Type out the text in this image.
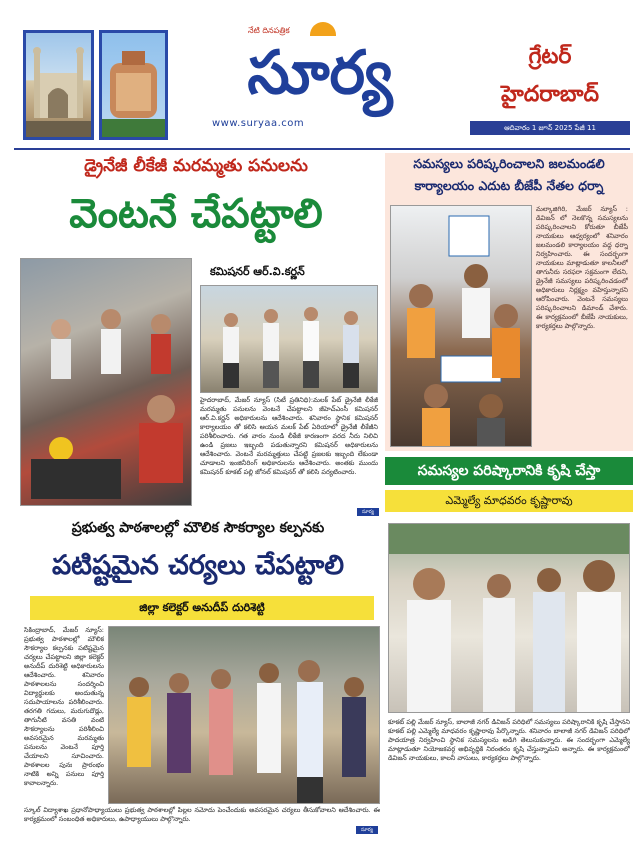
నేటి దినపత్రిక
సూర్య
www.suryaa.com
గ్రేటర్
హైదరాబాద్
ఆదివారం 1 జూన్ 2025 పేజీ 11
డ్రైనేజీ లీకేజీ మరమ్మతు పనులను
వెంటనే చేపట్టాలి
కమిషనర్ ఆర్.వి.కర్ణన్
హైదరాబాద్, మేజర్ న్యూస్ (సిటీ ప్రతినిధి):మలక్ పేట్ డ్రైనేజీ లీకేజీ మరమ్మతు పనులను వెంటనే చేపట్టాలని జీహెచ్ఎంసీ కమిషనర్ ఆర్.వి.కర్ణన్ అధికారులను ఆదేశించారు. శనివారం స్థానిక కమిషనర్ కార్యాలయం తో కలిసి ఆయన మలక్ పేట్ ఏరియాలో డ్రైనేజీ లీకేజీని పరిశీలించారు. గత వారం నుండి లీకేజీ కారణంగా వరద నీరు నిలిచి ఉండి ప్రజలు ఇబ్బంది పడుతున్నారని కమిషనర్ అధికారులను ఆదేశించారు. వెంటనే మరమ్మత్తులు చేపట్టి ప్రజలకు ఇబ్బంది లేకుండా చూడాలని ఇంజినీరింగ్ అధికారులను ఆదేశించారు. అంతకు ముందు కమిషనర్ కూకట్ పల్లి జోనల్ కమిషనర్ తో కలిసి పర్యటించారు.
సూర్య
సమస్యలు పరిష్కరించాలని జలమండలి
కార్యాలయం ఎదుట బీజేపీ నేతల ధర్నా
మల్కాజిగిరి, మేజర్ న్యూస్ : డివిజన్ లో నెలకొన్న సమస్యలను పరిష్కరించాలని కోరుతూ బీజేపీ నాయకులు ఆధ్వర్యంలో శనివారం జలమండలి కార్యాలయం వద్ద ధర్నా నిర్వహించారు. ఈ సందర్భంగా నాయకులు మాట్లాడుతూ కాలనీలలో తాగునీరు సరఫరా సక్రమంగా లేదని, డ్రైనేజీ సమస్యలు పరిష్కరించడంలో అధికారులు నిర్లక్ష్యం వహిస్తున్నారని ఆరోపించారు. వెంటనే సమస్యలు పరిష్కరించాలని డిమాండ్ చేశారు. ఈ కార్యక్రమంలో బీజేపీ నాయకులు, కార్యకర్తలు పాల్గొన్నారు.
సమస్యల పరిష్కారానికి కృషి చేస్తా
ఎమ్మెల్యే మాధవరం కృష్ణారావు
కూకట్ పల్లి మేజర్ న్యూస్, బాలాజీ నగర్ డివిజన్ పరిధిలో సమస్యలు పరిష్కారానికి కృషి చేస్తానని కూకట్ పల్లి ఎమ్మెల్యే మాధవరం కృష్ణారావు పేర్కొన్నారు. శనివారం బాలాజీ నగర్ డివిజన్ పరిధిలో పాదయాత్ర నిర్వహించి స్థానిక సమస్యలను అడిగి తెలుసుకున్నారు. ఈ సందర్భంగా ఎమ్మెల్యే మాట్లాడుతూ నియోజకవర్గ అభివృద్ధికి నిరంతరం కృషి చేస్తున్నామని అన్నారు. ఈ కార్యక్రమంలో డివిజన్ నాయకులు, కాలనీ వాసులు, కార్యకర్తలు పాల్గొన్నారు.
ప్రభుత్వ పాఠశాలల్లో మౌలిక సౌకర్యాల కల్పనకు
పటిష్టమైన చర్యలు చేపట్టాలి
జిల్లా కలెక్టర్ అనుదీప్ దురిశెట్టి
సికింద్రాబాద్, మేజర్ న్యూస్: ప్రభుత్వ పాఠశాలల్లో మౌలిక సౌకర్యాల కల్పనకు పటిష్టమైన చర్యలు చేపట్టాలని జిల్లా కలెక్టర్ అనుదీప్ దురిశెట్టి అధికారులను ఆదేశించారు. శనివారం పాఠశాలలను సందర్శించి విద్యార్థులకు అందుతున్న సదుపాయాలను పరిశీలించారు. తరగతి గదులు, మరుగుదొడ్లు, తాగునీటి వసతి వంటి సౌకర్యాలను పరిశీలించి అవసరమైన మరమ్మతు పనులను వెంటనే పూర్తి చేయాలని సూచించారు. పాఠశాలల పునః ప్రారంభం నాటికి అన్ని పనులు పూర్తి కావాలన్నారు.
స్కూల్ విద్యాశాఖ ప్రధానోపాధ్యాయులు ప్రభుత్వ పాఠశాలల్లో పిల్లల నమోదు పెంచేందుకు అవసరమైన చర్యలు తీసుకోవాలని ఆదేశించారు. ఈ కార్యక్రమంలో సంబంధిత అధికారులు, ఉపాధ్యాయులు పాల్గొన్నారు.
సూర్య
